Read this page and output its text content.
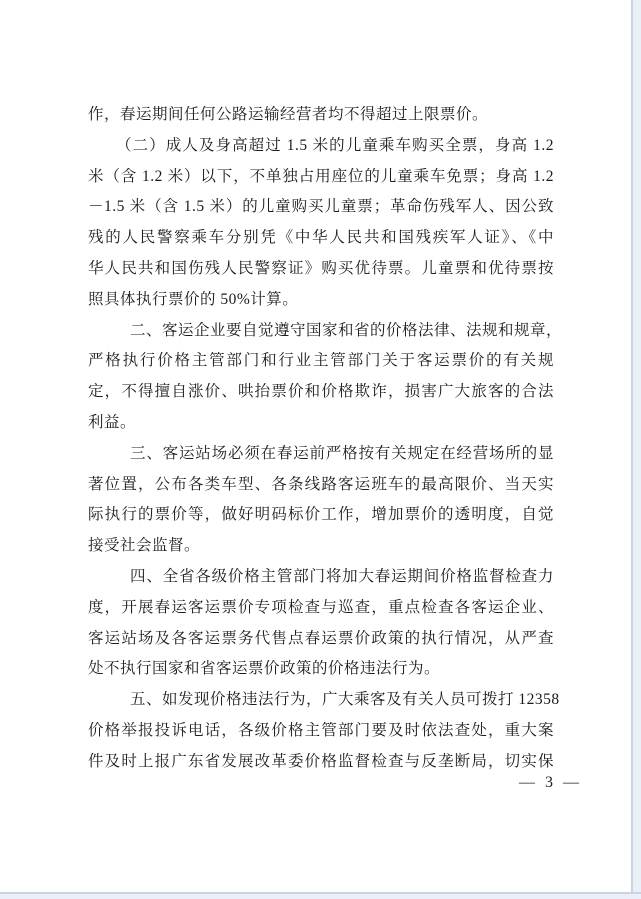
作，春运期间任何公路运输经营者均不得超过上限票价。
（二）成人及身高超过 1.5 米的儿童乘车购买全票，身高 1.2
米（含 1.2 米）以下，不单独占用座位的儿童乘车免票；身高 1.2
－1.5 米（含 1.5 米）的儿童购买儿童票；革命伤残军人、因公致
残的人民警察乘车分别凭《中华人民共和国残疾军人证》、《中
华人民共和国伤残人民警察证》购买优待票。儿童票和优待票按
照具体执行票价的 50%计算。
二、客运企业要自觉遵守国家和省的价格法律、法规和规章，
严格执行价格主管部门和行业主管部门关于客运票价的有关规
定，不得擅自涨价、哄抬票价和价格欺诈，损害广大旅客的合法
利益。
三、客运站场必须在春运前严格按有关规定在经营场所的显
著位置，公布各类车型、各条线路客运班车的最高限价、当天实
际执行的票价等，做好明码标价工作，增加票价的透明度，自觉
接受社会监督。
四、全省各级价格主管部门将加大春运期间价格监督检查力
度，开展春运客运票价专项检查与巡查，重点检查各客运企业、
客运站场及各客运票务代售点春运票价政策的执行情况，从严查
处不执行国家和省客运票价政策的价格违法行为。
五、如发现价格违法行为，广大乘客及有关人员可拨打 12358
价格举报投诉电话，各级价格主管部门要及时依法查处，重大案
件及时上报广东省发展改革委价格监督检查与反垄断局，切实保
— 3 —
